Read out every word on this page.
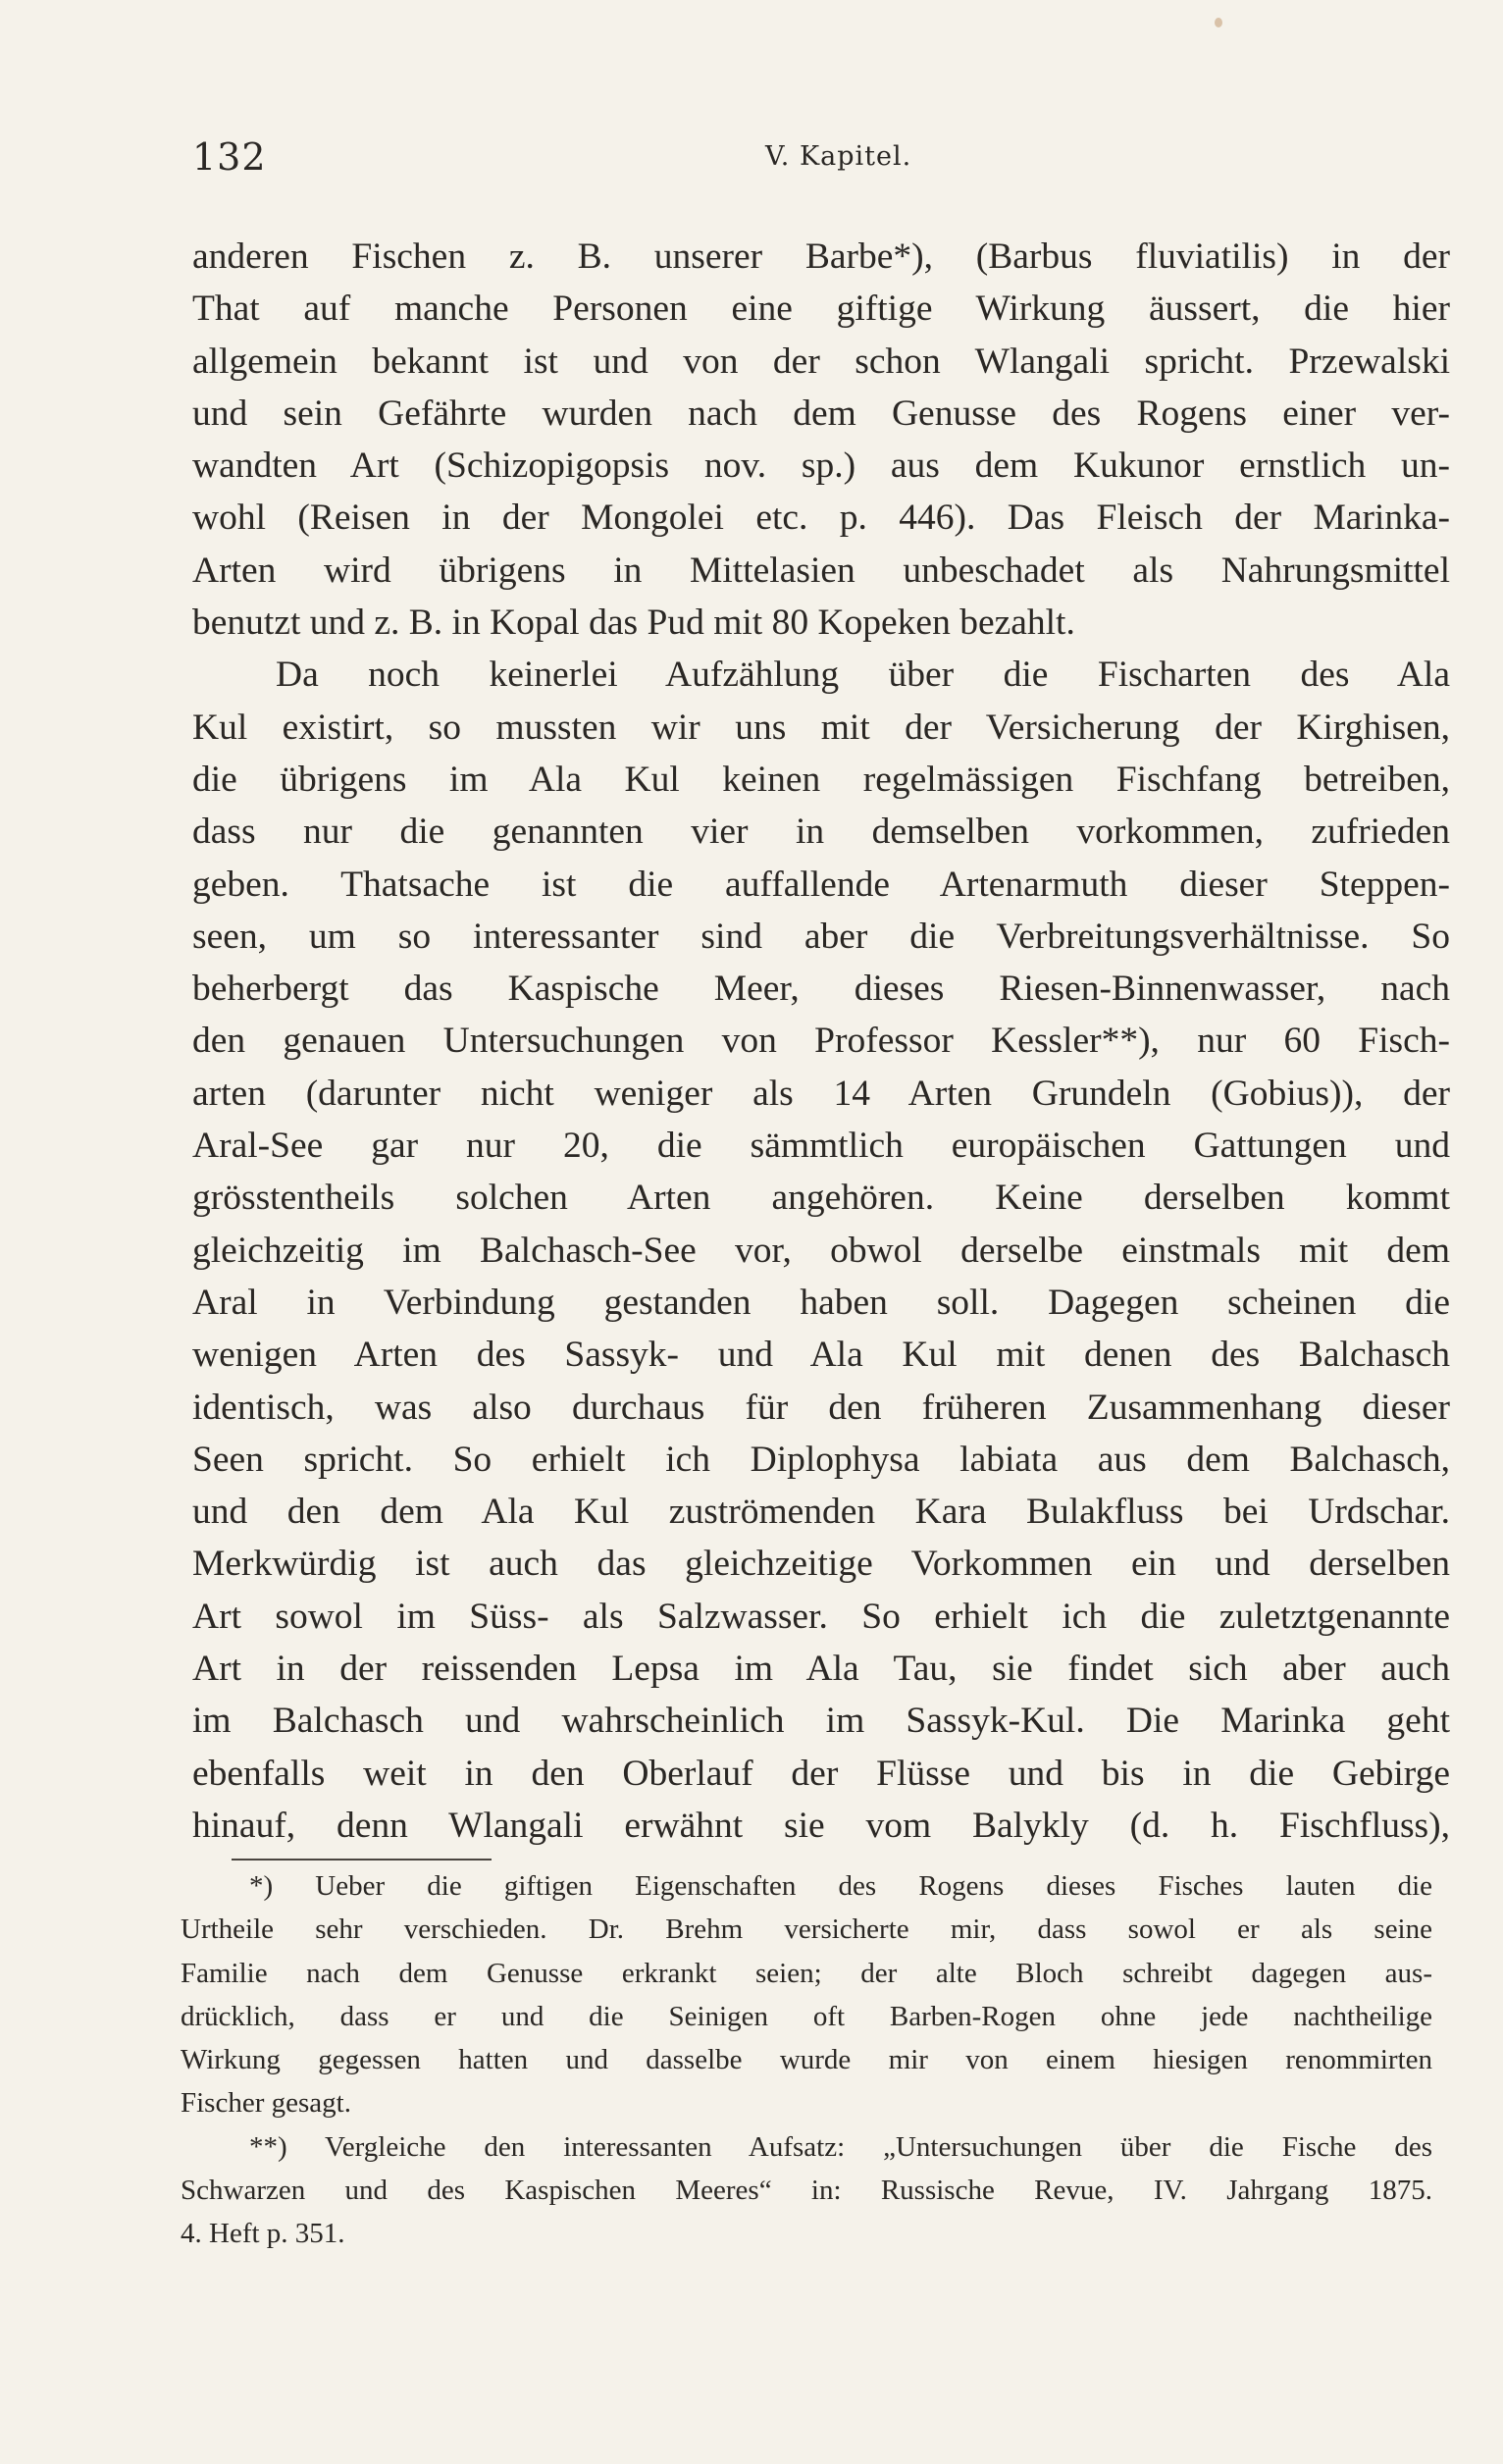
132	V. Kapitel.
anderen Fischen z. B. unserer Barbe*), (Barbus fluviatilis) in der
That auf manche Personen eine giftige Wirkung äussert, die hier
allgemein bekannt ist und von der schon Wlangali spricht. Przewalski
und sein Gefährte wurden nach dem Genusse des Rogens einer ver-
wandten Art (Schizopigopsis nov. sp.) aus dem Kukunor ernstlich un-
wohl (Reisen in der Mongolei etc. p. 446). Das Fleisch der Marinka-
Arten wird übrigens in Mittelasien unbeschadet als Nahrungsmittel
benutzt und z. B. in Kopal das Pud mit 80 Kopeken bezahlt.
Da noch keinerlei Aufzählung über die Fischarten des Ala
Kul existirt, so mussten wir uns mit der Versicherung der Kirghisen,
die übrigens im Ala Kul keinen regelmässigen Fischfang betreiben,
dass nur die genannten vier in demselben vorkommen, zufrieden
geben. Thatsache ist die auffallende Artenarmuth dieser Steppen-
seen, um so interessanter sind aber die Verbreitungsverhältnisse. So
beherbergt das Kaspische Meer, dieses Riesen-Binnenwasser, nach
den genauen Untersuchungen von Professor Kessler**), nur 60 Fisch-
arten (darunter nicht weniger als 14 Arten Grundeln (Gobius)), der
Aral-See gar nur 20, die sämmtlich europäischen Gattungen und
grösstentheils solchen Arten angehören. Keine derselben kommt
gleichzeitig im Balchasch-See vor, obwol derselbe einstmals mit dem
Aral in Verbindung gestanden haben soll. Dagegen scheinen die
wenigen Arten des Sassyk- und Ala Kul mit denen des Balchasch
identisch, was also durchaus für den früheren Zusammenhang dieser
Seen spricht. So erhielt ich Diplophysa labiata aus dem Balchasch,
und den dem Ala Kul zuströmenden Kara Bulakfluss bei Urdschar.
Merkwürdig ist auch das gleichzeitige Vorkommen ein und derselben
Art sowol im Süss- als Salzwasser. So erhielt ich die zuletztgenannte
Art in der reissenden Lepsa im Ala Tau, sie findet sich aber auch
im Balchasch und wahrscheinlich im Sassyk-Kul. Die Marinka geht
ebenfalls weit in den Oberlauf der Flüsse und bis in die Gebirge
hinauf, denn Wlangali erwähnt sie vom Balykly (d. h. Fischfluss),
*) Ueber die giftigen Eigenschaften des Rogens dieses Fisches lauten die
Urtheile sehr verschieden. Dr. Brehm versicherte mir, dass sowol er als seine
Familie nach dem Genusse erkrankt seien; der alte Bloch schreibt dagegen aus-
drücklich, dass er und die Seinigen oft Barben-Rogen ohne jede nachtheilige
Wirkung gegessen hatten und dasselbe wurde mir von einem hiesigen renommirten
Fischer gesagt.
**) Vergleiche den interessanten Aufsatz: „Untersuchungen über die Fische des
Schwarzen und des Kaspischen Meeres“ in: Russische Revue, IV. Jahrgang 1875.
4. Heft p. 351.
